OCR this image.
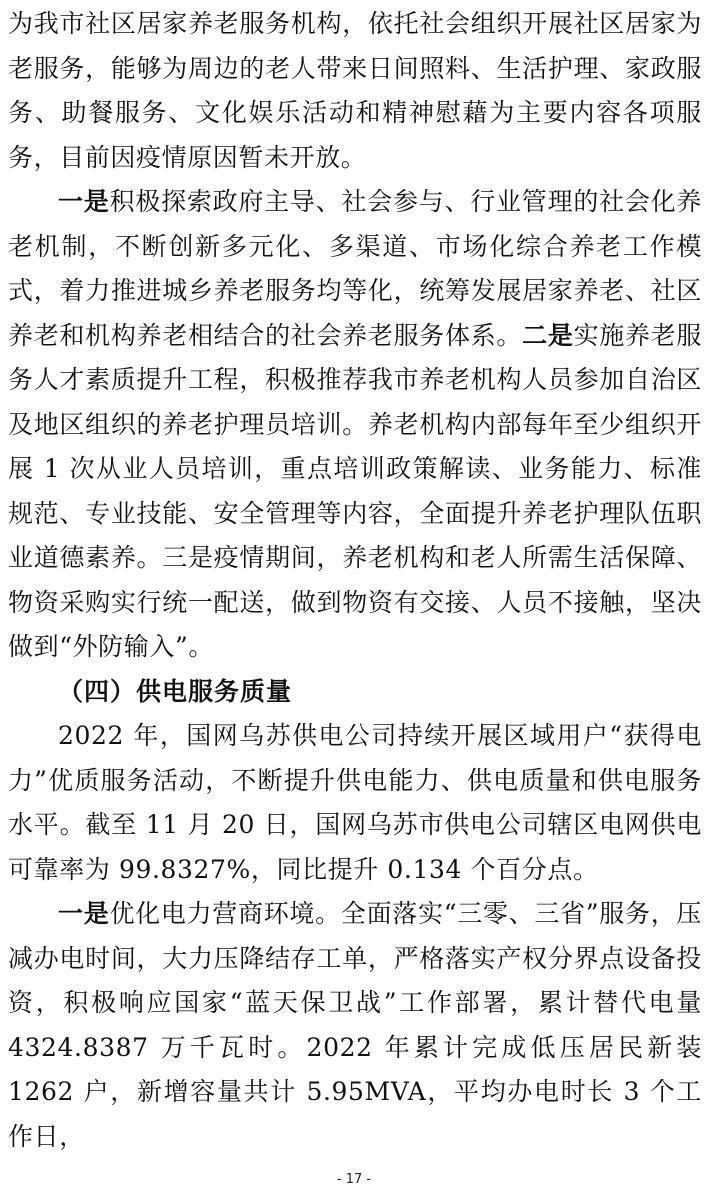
为我市社区居家养老服务机构，依托社会组织开展社区居家为老服务，能够为周边的老人带来日间照料、生活护理、家政服务、助餐服务、文化娱乐活动和精神慰藉为主要内容各项服务，目前因疫情原因暂未开放。

一是积极探索政府主导、社会参与、行业管理的社会化养老机制，不断创新多元化、多渠道、市场化综合养老工作模式，着力推进城乡养老服务均等化，统筹发展居家养老、社区养老和机构养老相结合的社会养老服务体系。二是实施养老服务人才素质提升工程，积极推荐我市养老机构人员参加自治区及地区组织的养老护理员培训。养老机构内部每年至少组织开展 1 次从业人员培训，重点培训政策解读、业务能力、标准规范、专业技能、安全管理等内容，全面提升养老护理队伍职业道德素养。三是疫情期间，养老机构和老人所需生活保障、物资采购实行统一配送，做到物资有交接、人员不接触，坚决做到“外防输入”。

（四）供电服务质量

2022 年，国网乌苏供电公司持续开展区域用户“获得电力”优质服务活动，不断提升供电能力、供电质量和供电服务水平。截至 11 月 20 日，国网乌苏市供电公司辖区电网供电可靠率为 99.8327%，同比提升 0.134 个百分点。

一是优化电力营商环境。全面落实“三零、三省”服务，压减办电时间，大力压降结存工单，严格落实产权分界点设备投资，积极响应国家“蓝天保卫战”工作部署，累计替代电量 4324.8387 万千瓦时。2022 年累计完成低压居民新装 1262 户，新增容量共计 5.95MVA，平均办电时长 3 个工作日，

- 17 -
